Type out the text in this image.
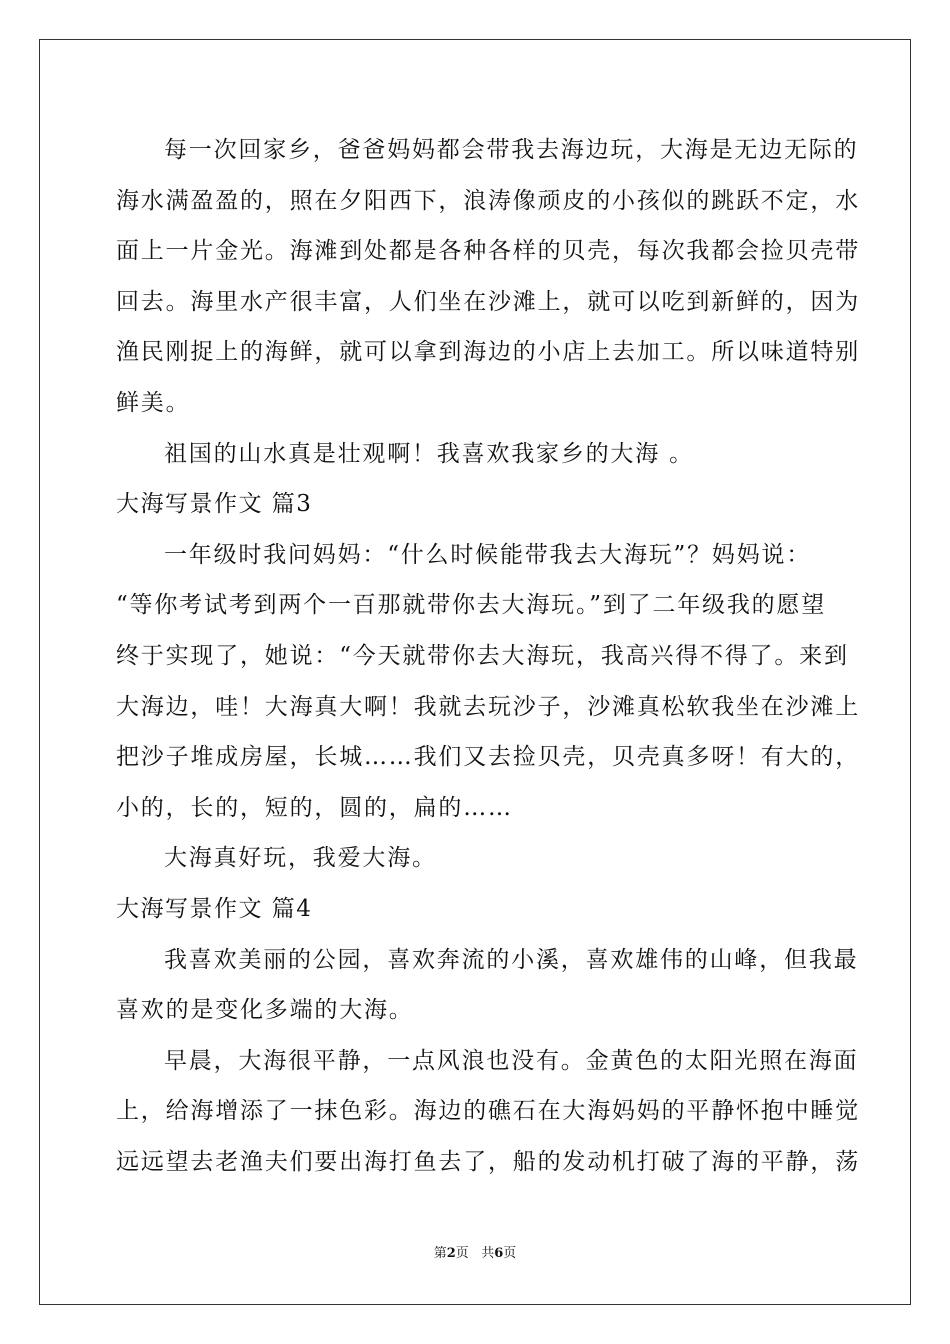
每一次回家乡，爸爸妈妈都会带我去海边玩，大海是无边无际的
海水满盈盈的，照在夕阳西下，浪涛像顽皮的小孩似的跳跃不定，水
面上一片金光。海滩到处都是各种各样的贝壳，每次我都会捡贝壳带
回去。海里水产很丰富，人们坐在沙滩上，就可以吃到新鲜的，因为
渔民刚捉上的海鲜，就可以拿到海边的小店上去加工。所以味道特别
鲜美。
祖国的山水真是壮观啊！我喜欢我家乡的大海 。
大海写景作文 篇3
一年级时我问妈妈：“什么时候能带我去大海玩”？妈妈说：
“等你考试考到两个一百那就带你去大海玩。”到了二年级我的愿望
终于实现了，她说：“今天就带你去大海玩，我高兴得不得了。来到
大海边，哇！大海真大啊！我就去玩沙子，沙滩真松软我坐在沙滩上
把沙子堆成房屋，长城……我们又去捡贝壳，贝壳真多呀！有大的，
小的，长的，短的，圆的，扁的……
大海真好玩，我爱大海。
大海写景作文 篇4
我喜欢美丽的公园，喜欢奔流的小溪，喜欢雄伟的山峰，但我最
喜欢的是变化多端的大海。
早晨，大海很平静，一点风浪也没有。金黄色的太阳光照在海面
上，给海增添了一抹色彩。海边的礁石在大海妈妈的平静怀抱中睡觉
远远望去老渔夫们要出海打鱼去了，船的发动机打破了海的平静，荡
第2页 共6页
